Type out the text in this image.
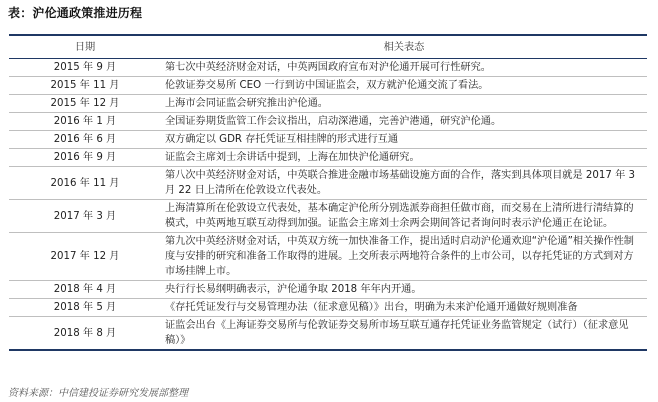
表：沪伦通政策推进历程
日期	相关表态
2015 年 9 月	第七次中英经济财金对话，中英两国政府宣布对沪伦通开展可行性研究。
2015 年 11 月	伦敦证券交易所 CEO 一行到访中国证监会，双方就沪伦通交流了看法。
2015 年 12 月	上海市会同证监会研究推出沪伦通。
2016 年 1 月	全国证券期货监管工作会议指出，启动深港通，完善沪港通，研究沪伦通。
2016 年 6 月	双方确定以 GDR 存托凭证互相挂牌的形式进行互通
2016 年 9 月	证监会主席刘士余讲话中提到，上海在加快沪伦通研究。
2016 年 11 月	第八次中英经济财金对话，中英联合推进金融市场基础设施方面的合作，落实到具体项目就是 2017 年 3 月 22 日上清所在伦敦设立代表处。
2017 年 3 月	上海清算所在伦敦设立代表处，基本确定沪伦所分别选派券商担任做市商，而交易在上清所进行清结算的模式，中英两地互联互动得到加强。证监会主席刘士余两会期间答记者询问时表示沪伦通正在论证。
2017 年 12 月	第九次中英经济财金对话，中英双方统一加快准备工作，提出适时启动沪伦通欢迎“沪伦通”相关操作性制度与安排的研究和准备工作取得的进展。上交所表示两地符合条件的上市公司，以存托凭证的方式到对方市场挂牌上市。
2018 年 4 月	央行行长易纲明确表示，沪伦通争取 2018 年年内开通。
2018 年 5 月	《存托凭证发行与交易管理办法（征求意见稿）》出台，明确为未来沪伦通开通做好规则准备
2018 年 8 月	证监会出台《上海证券交易所与伦敦证券交易所市场互联互通存托凭证业务监管规定（试行）（征求意见稿）》
资料来源：中信建投证券研究发展部整理
